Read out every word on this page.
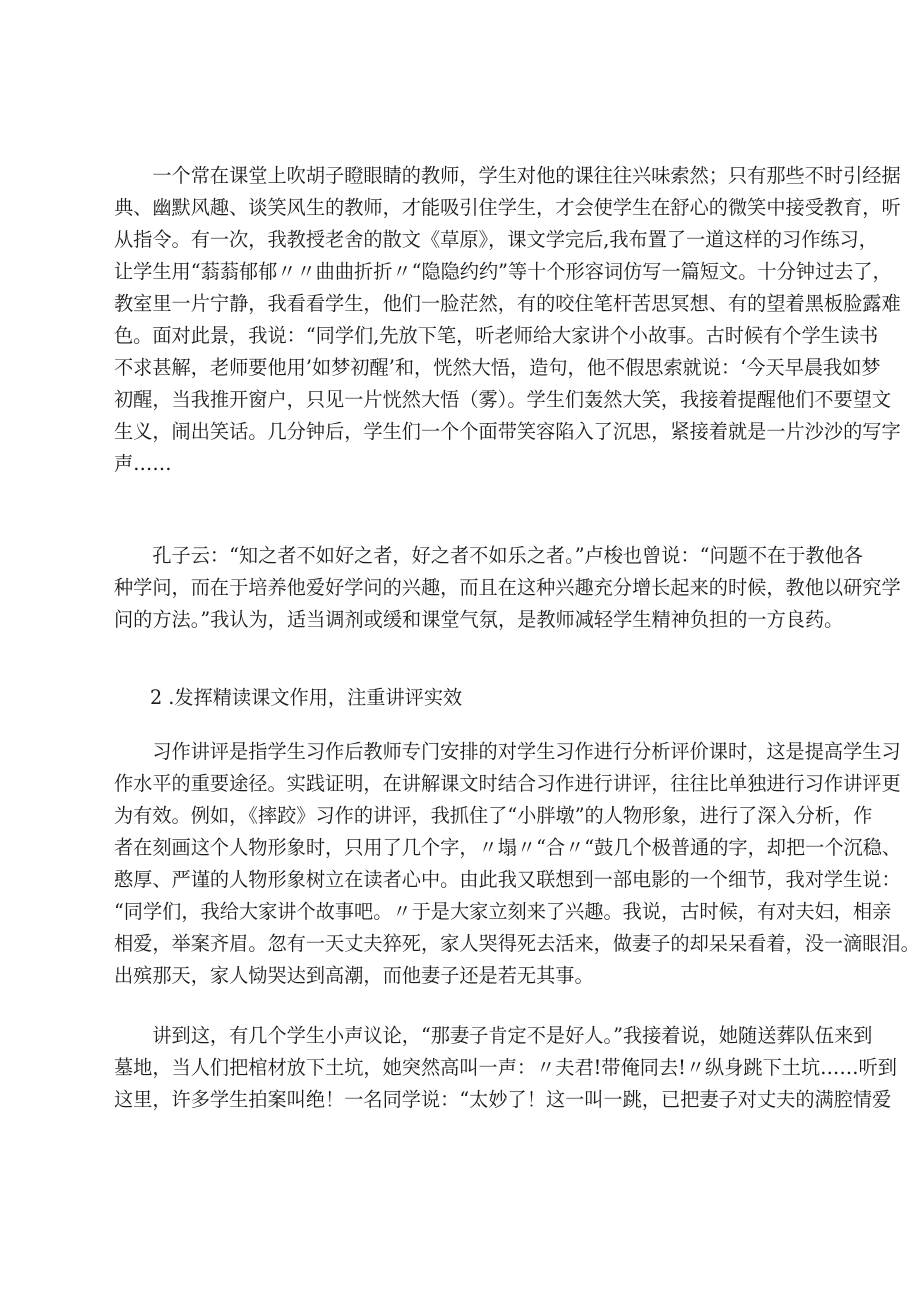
　　一个常在课堂上吹胡子瞪眼睛的教师，学生对他的课往往兴味索然；只有那些不时引经据
典、幽默风趣、谈笑风生的教师，才能吸引住学生，才会使学生在舒心的微笑中接受教育，听
从指令。有一次，我教授老舍的散文《草原》，课文学完后,我布置了一道这样的习作练习，
让学生用“蓊蓊郁郁〃〃曲曲折折〃“隐隐约约”等十个形容词仿写一篇短文。十分钟过去了，
教室里一片宁静，我看看学生，他们一脸茫然，有的咬住笔杆苦思冥想、有的望着黑板脸露难
色。面对此景，我说：“同学们,先放下笔，听老师给大家讲个小故事。古时候有个学生读书
不求甚解，老师要他用’如梦初醒’和，恍然大悟，造句，他不假思索就说：‘今天早晨我如梦
初醒，当我推开窗户，只见一片恍然大悟（雾）。学生们轰然大笑，我接着提醒他们不要望文
生义，闹出笑话。几分钟后，学生们一个个面带笑容陷入了沉思，紧接着就是一片沙沙的写字
声……
　　孔子云：“知之者不如好之者，好之者不如乐之者。”卢梭也曾说：“问题不在于教他各
种学问，而在于培养他爱好学问的兴趣，而且在这种兴趣充分增长起来的时候，教他以研究学
问的方法。”我认为，适当调剂或缓和课堂气氛，是教师减轻学生精神负担的一方良药。
2 .发挥精读课文作用，注重讲评实效
　　习作讲评是指学生习作后教师专门安排的对学生习作进行分析评价课时，这是提高学生习
作水平的重要途径。实践证明，在讲解课文时结合习作进行讲评，往往比单独进行习作讲评更
为有效。例如，《摔跤》习作的讲评，我抓住了“小胖墩”的人物形象，进行了深入分析，作
者在刻画这个人物形象时，只用了几个字，〃塌〃“合〃“鼓几个极普通的字，却把一个沉稳、
憨厚、严谨的人物形象树立在读者心中。由此我又联想到一部电影的一个细节，我对学生说：
“同学们，我给大家讲个故事吧。〃于是大家立刻来了兴趣。我说，古时候，有对夫妇，相亲
相爱，举案齐眉。忽有一天丈夫猝死，家人哭得死去活来，做妻子的却呆呆看着，没一滴眼泪。
出殡那天，家人恸哭达到高潮，而他妻子还是若无其事。
　　讲到这，有几个学生小声议论，“那妻子肯定不是好人。”我接着说，她随送葬队伍来到
墓地，当人们把棺材放下土坑，她突然高叫一声：〃夫君!带俺同去!〃纵身跳下土坑……听到
这里，许多学生拍案叫绝！一名同学说：“太妙了！这一叫一跳，已把妻子对丈夫的满腔情爱
